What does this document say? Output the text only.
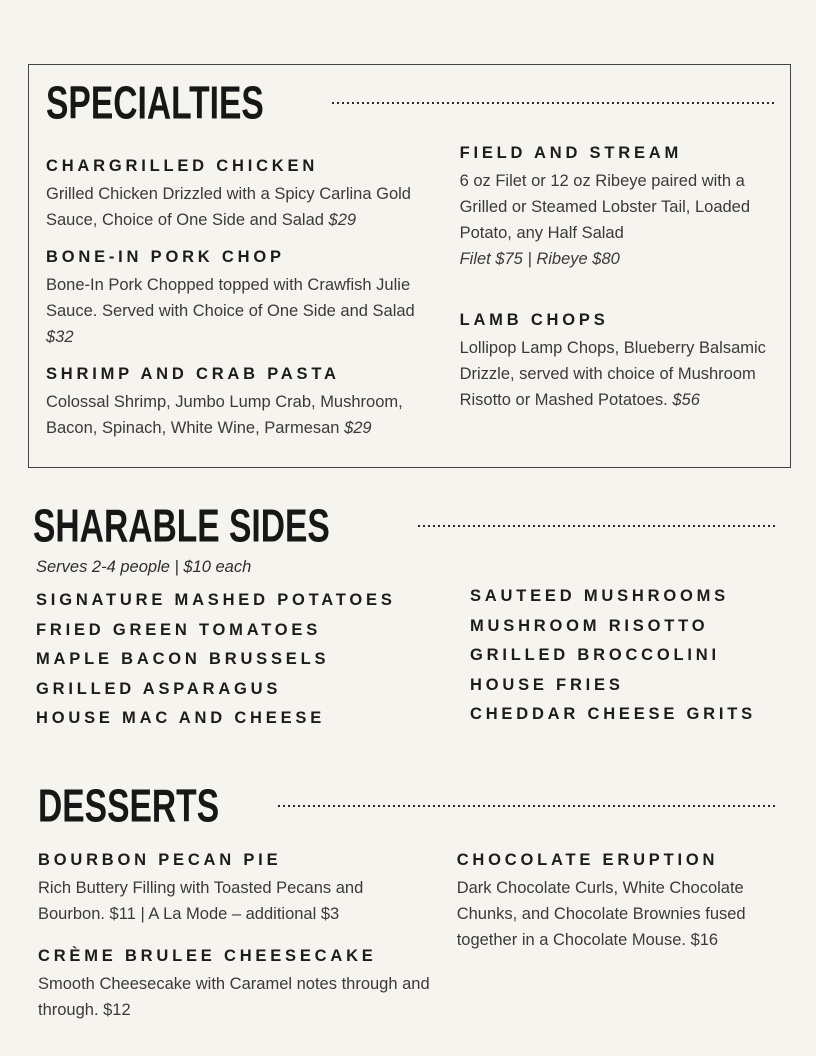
SPECIALTIES
CHARGRILLED CHICKEN

Grilled Chicken Drizzled with a Spicy Carlina Gold Sauce, Choice of One Side and Salad $29

BONE-IN PORK CHOP

Bone-In Pork Chopped topped with Crawfish Julie Sauce. Served with Choice of One Side and Salad $32

SHRIMP AND CRAB PASTA

Colossal Shrimp, Jumbo Lump Crab, Mushroom, Bacon, Spinach, White Wine, Parmesan $29

FIELD AND STREAM

6 oz Filet or 12 oz Ribeye paired with a Grilled or Steamed Lobster Tail, Loaded Potato, any Half Salad
Filet $75 | Ribeye $80

LAMB CHOPS

Lollipop Lamp Chops, Blueberry Balsamic Drizzle, served with choice of Mushroom Risotto or Mashed Potatoes. $56

SHARABLE SIDES
Serves 2-4 people | $10 each
SIGNATURE MASHED POTATOES
FRIED GREEN TOMATOES
MAPLE BACON BRUSSELS
GRILLED ASPARAGUS
HOUSE MAC AND CHEESE
SAUTEED MUSHROOMS
MUSHROOM RISOTTO
GRILLED BROCCOLINI
HOUSE FRIES
CHEDDAR CHEESE GRITS
DESSERTS
BOURBON PECAN PIE

Rich Buttery Filling with Toasted Pecans and Bourbon. $11 | A La Mode – additional $3

CRÈME BRULEE CHEESECAKE

Smooth Cheesecake with Caramel notes through and through. $12

CHOCOLATE ERUPTION

Dark Chocolate Curls, White Chocolate Chunks, and Chocolate Brownies fused together in a Chocolate Mouse. $16
